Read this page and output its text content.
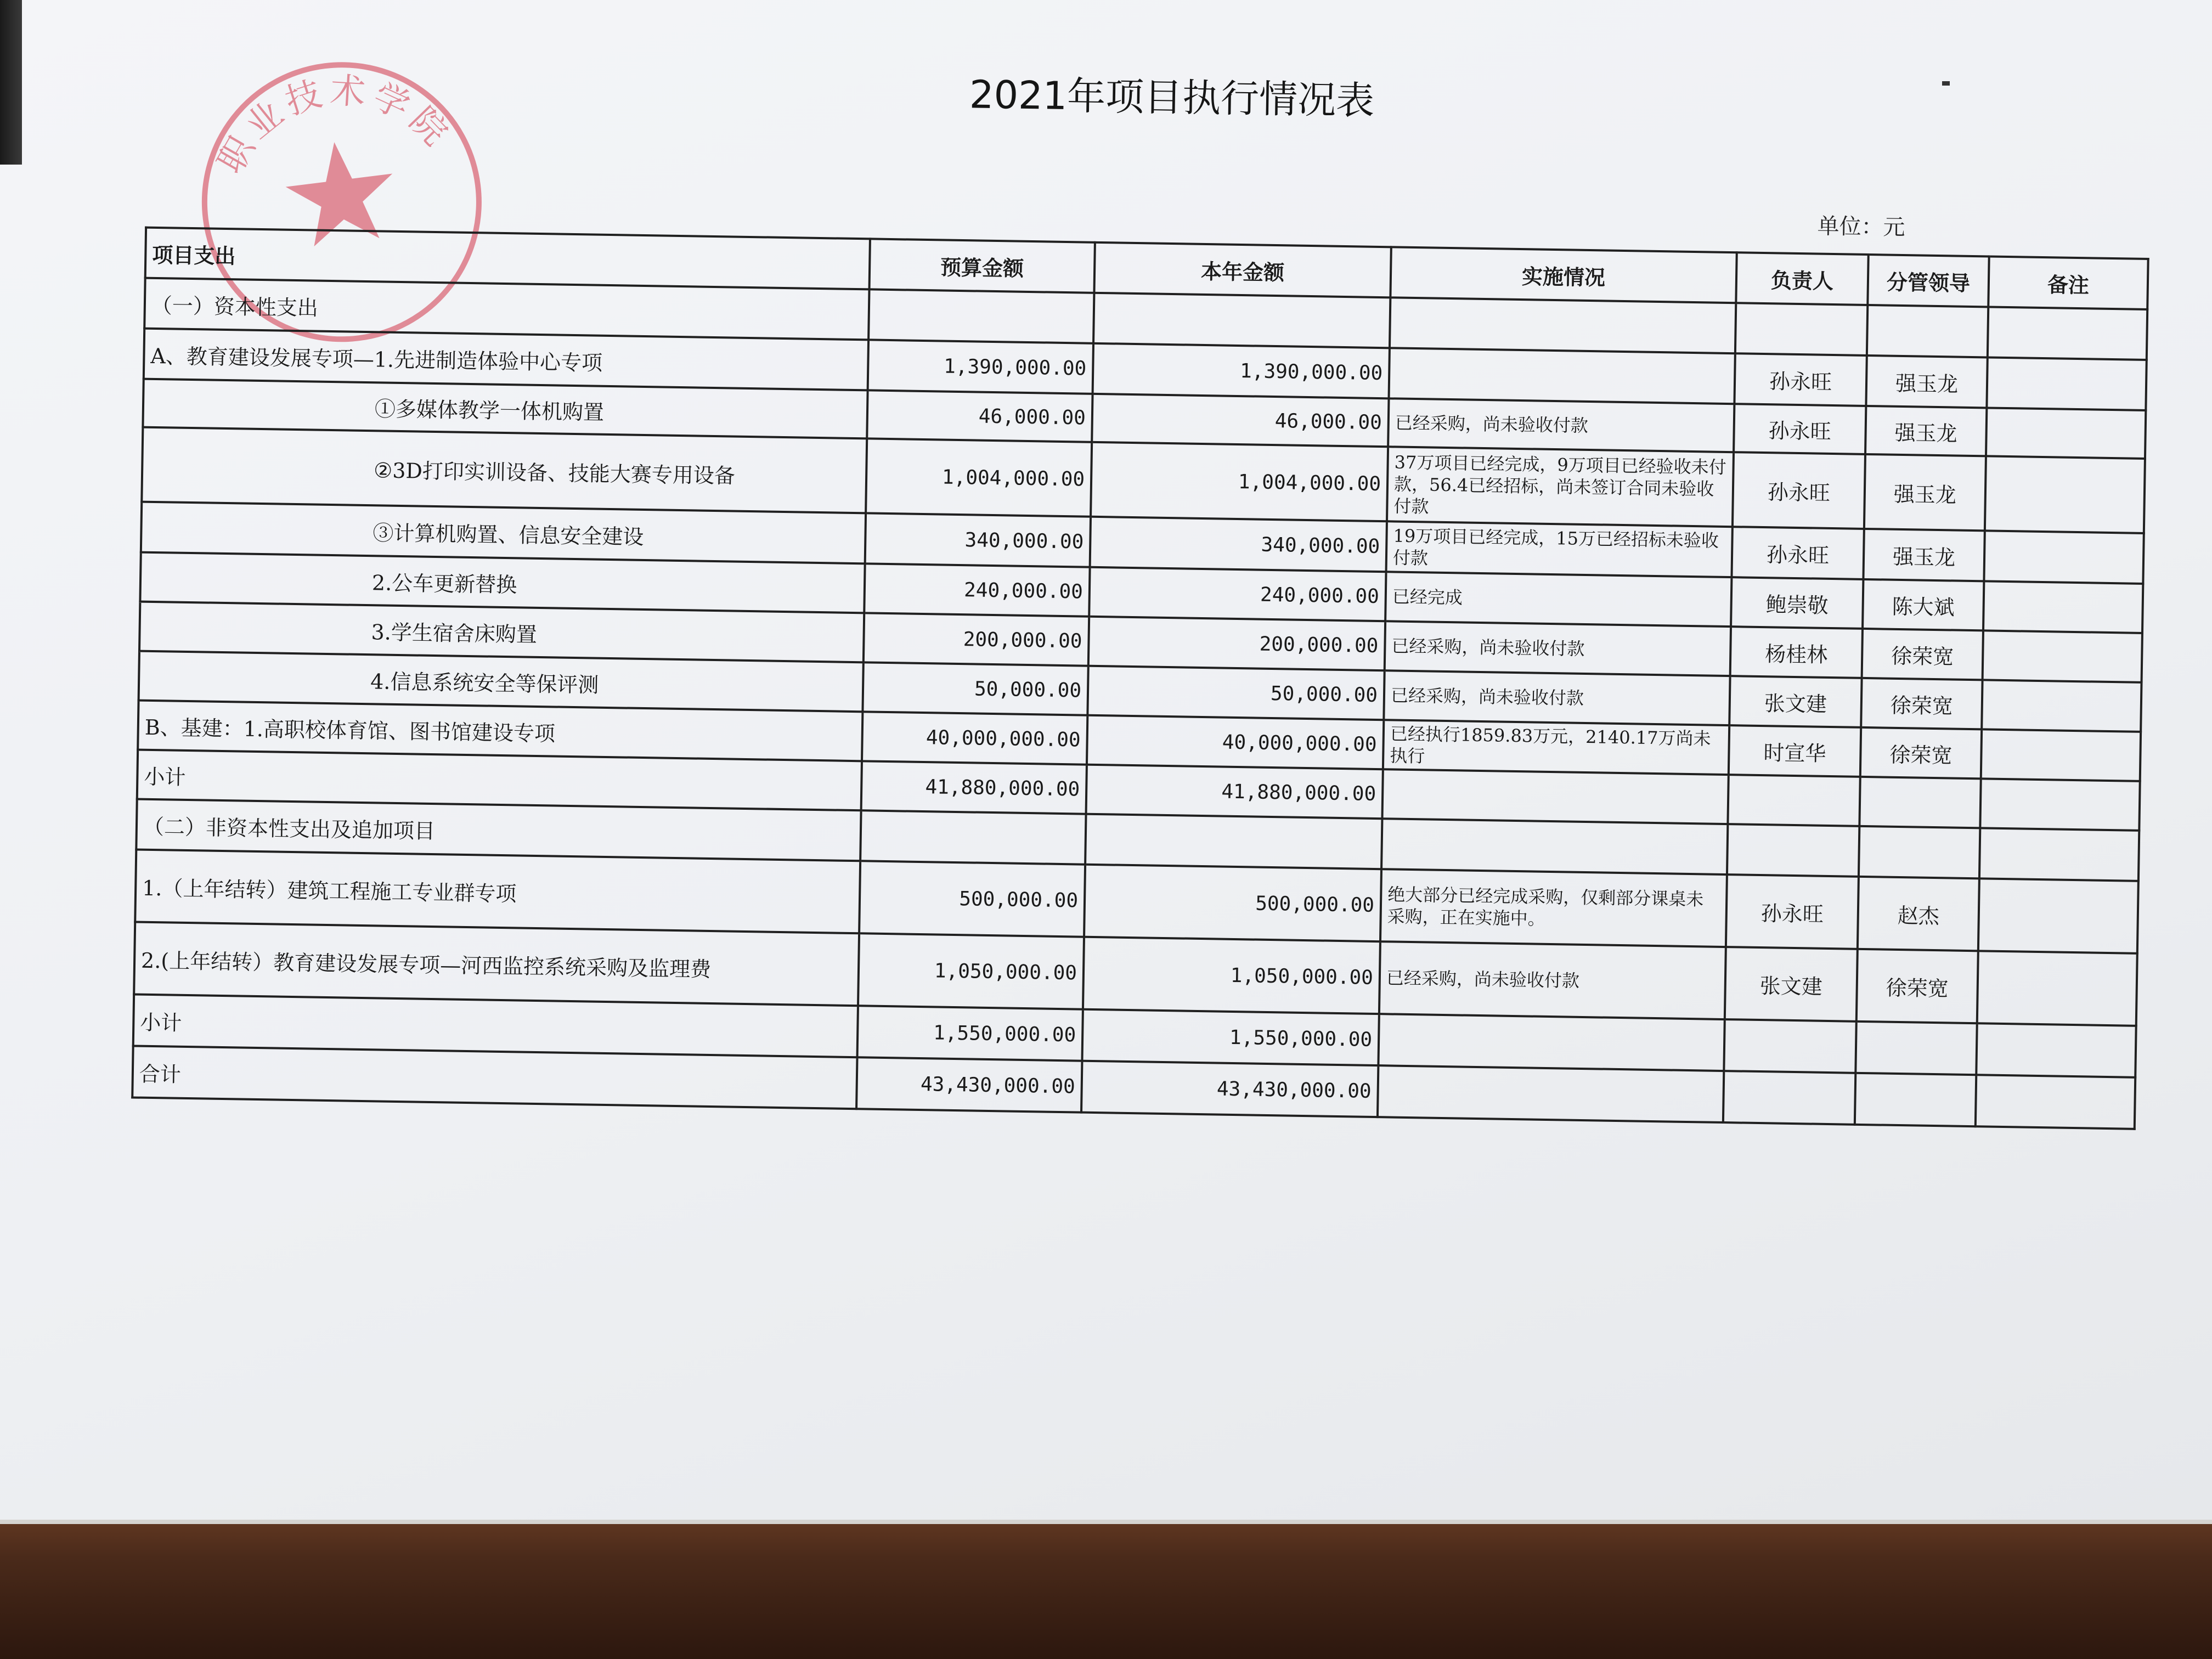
职业技术学院
2021年项目执行情况表
单位：元
项目支出	预算金额	本年金额	实施情况	负责人	分管领导	备注
（一）资本性支出						
A、教育建设发展专项—1.先进制造体验中心专项	1,390,000.00	1,390,000.00		孙永旺	强玉龙	
①多媒体教学一体机购置	46,000.00	46,000.00	已经采购，尚未验收付款	孙永旺	强玉龙	
②3D打印实训设备、技能大赛专用设备	1,004,000.00	1,004,000.00	37万项目已经完成，9万项目已经验收未付款，56.4已经招标，尚未签订合同未验收付款	孙永旺	强玉龙	
③计算机购置、信息安全建设	340,000.00	340,000.00	19万项目已经完成，15万已经招标未验收付款	孙永旺	强玉龙	
2.公车更新替换	240,000.00	240,000.00	已经完成	鲍崇敬	陈大斌	
3.学生宿舍床购置	200,000.00	200,000.00	已经采购，尚未验收付款	杨桂林	徐荣宽	
4.信息系统安全等保评测	50,000.00	50,000.00	已经采购，尚未验收付款	张文建	徐荣宽	
B、基建：1.高职校体育馆、图书馆建设专项	40,000,000.00	40,000,000.00	已经执行1859.83万元，2140.17万尚未执行	时宣华	徐荣宽	
小计	41,880,000.00	41,880,000.00				
（二）非资本性支出及追加项目						
1.（上年结转）建筑工程施工专业群专项	500,000.00	500,000.00	绝大部分已经完成采购，仅剩部分课桌未采购，正在实施中。	孙永旺	赵杰	
2.(上年结转）教育建设发展专项—河西监控系统采购及监理费	1,050,000.00	1,050,000.00	已经采购，尚未验收付款	张文建	徐荣宽	
小计	1,550,000.00	1,550,000.00				
合计	43,430,000.00	43,430,000.00				
